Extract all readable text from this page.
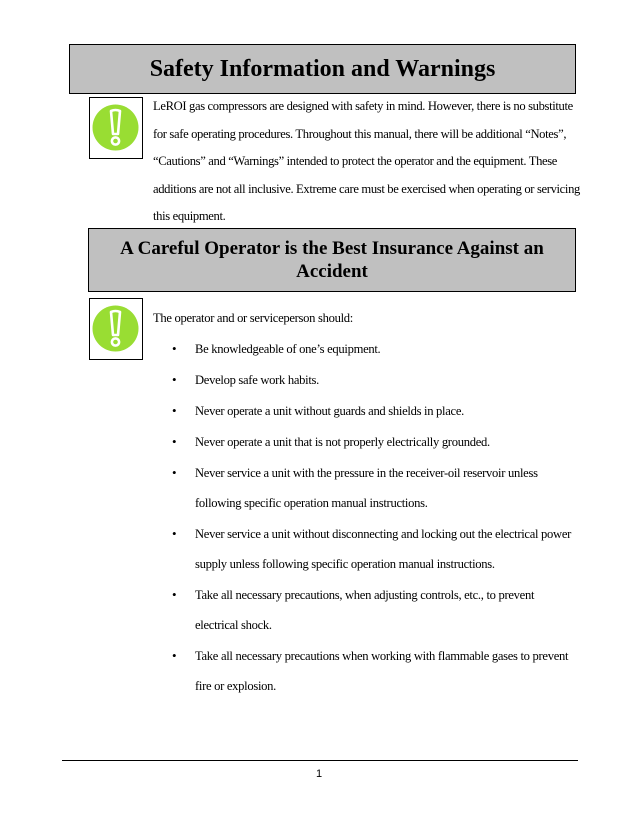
Safety Information and Warnings
LeROI gas compressors are designed with safety in mind. However, there is no substitute
for safe operating procedures. Throughout this manual, there will be additional “Notes”,
“Cautions” and “Warnings” intended to protect the operator and the equipment. These
additions are not all inclusive. Extreme care must be exercised when operating or servicing
this equipment.
A Careful Operator is the Best Insurance Against an
Accident
The operator and or serviceperson should:
• Be knowledgeable of one’s equipment.
• Develop safe work habits.
• Never operate a unit without guards and shields in place.
• Never operate a unit that is not properly electrically grounded.
• Never service a unit with the pressure in the receiver-oil reservoir unless following specific operation manual instructions.
• Never service a unit without disconnecting and locking out the electrical power supply unless following specific operation manual instructions.
• Take all necessary precautions, when adjusting controls, etc., to prevent electrical shock.
• Take all necessary precautions when working with flammable gases to prevent fire or explosion.
1
